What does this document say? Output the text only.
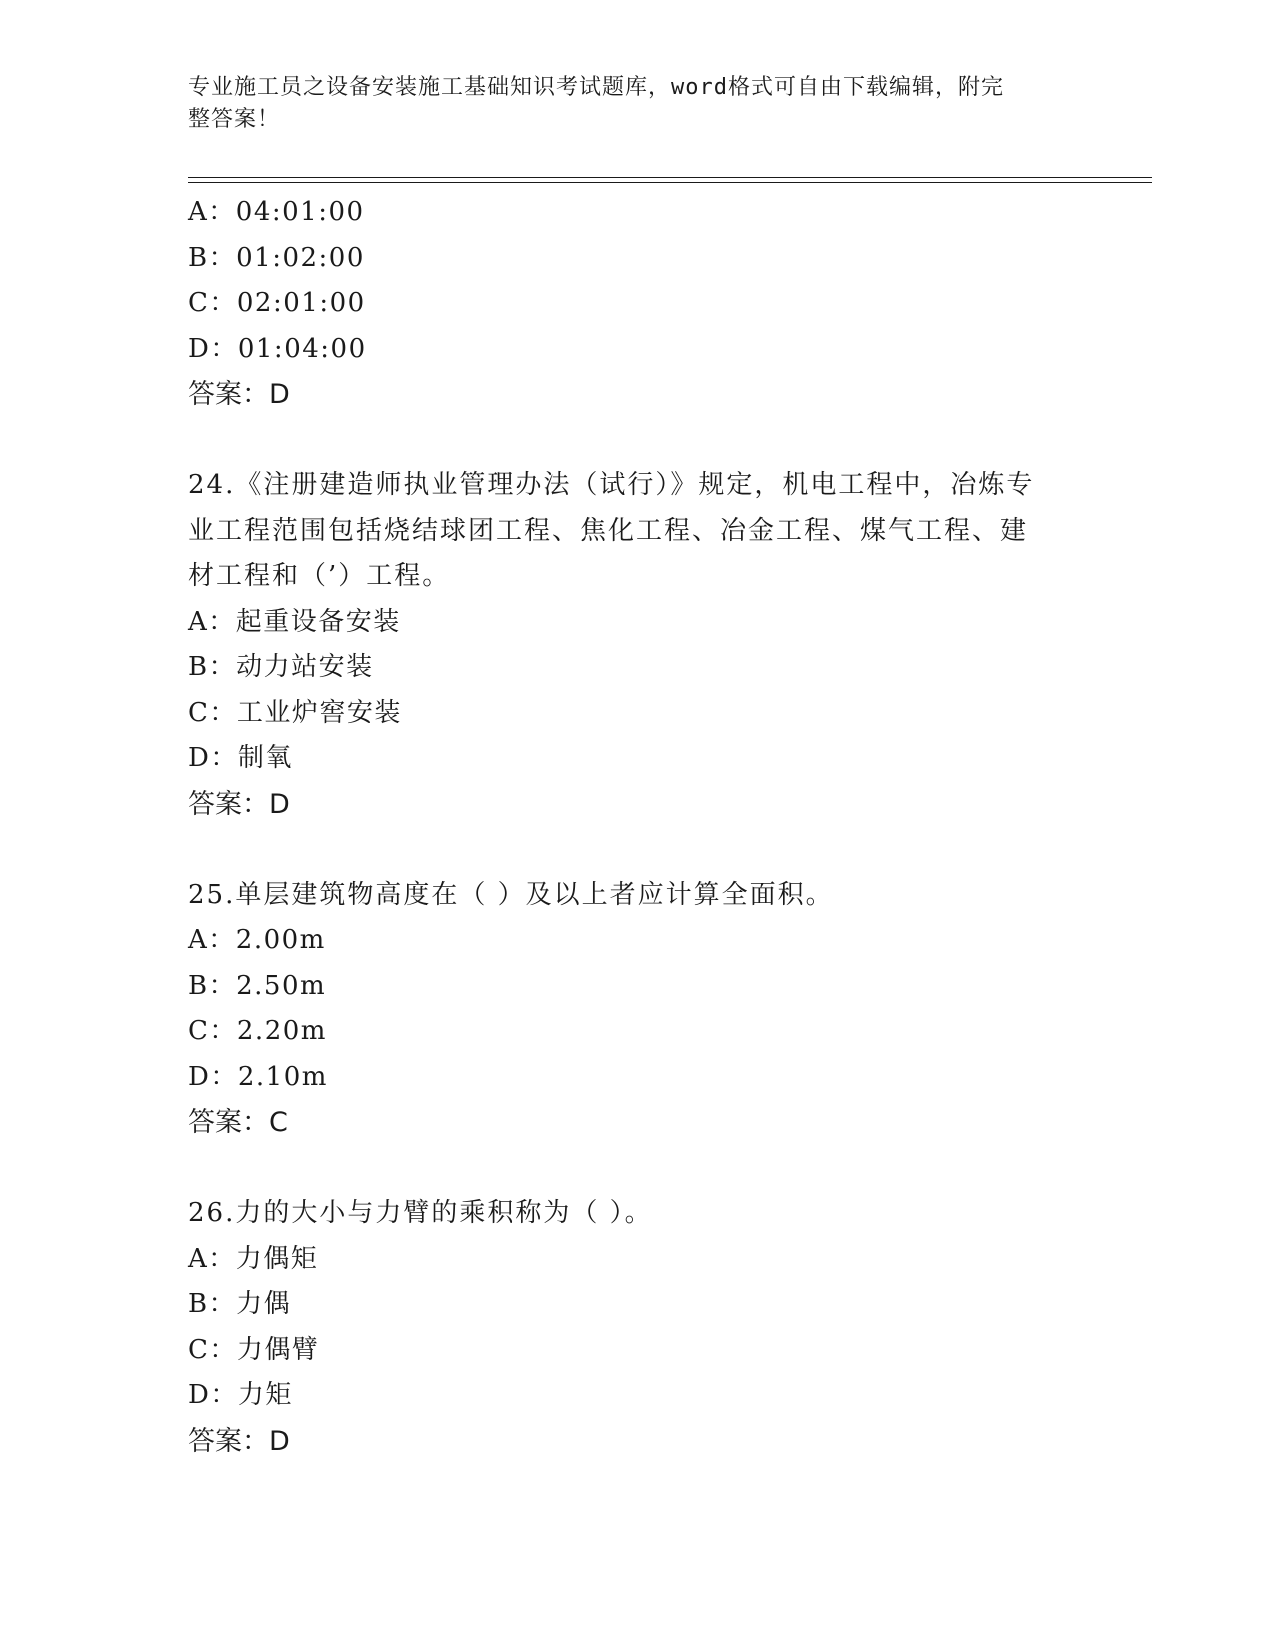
专业施工员之设备安装施工基础知识考试题库，word格式可自由下载编辑，附完
整答案！
A：04:01:00
B：01:02:00
C：02:01:00
D：01:04:00
答案：D
24.《注册建造师执业管理办法（试行）》规定，机电工程中，冶炼专
业工程范围包括烧结球团工程、焦化工程、冶金工程、煤气工程、建
材工程和（’）工程。
A：起重设备安装
B：动力站安装
C：工业炉窖安装
D：制氧
答案：D
25.单层建筑物高度在（ ）及以上者应计算全面积。
A：2.00m
B：2.50m
C：2.20m
D：2.10m
答案：C
26.力的大小与力臂的乘积称为（ ）。
A：力偶矩
B：力偶
C：力偶臂
D：力矩
答案：D
